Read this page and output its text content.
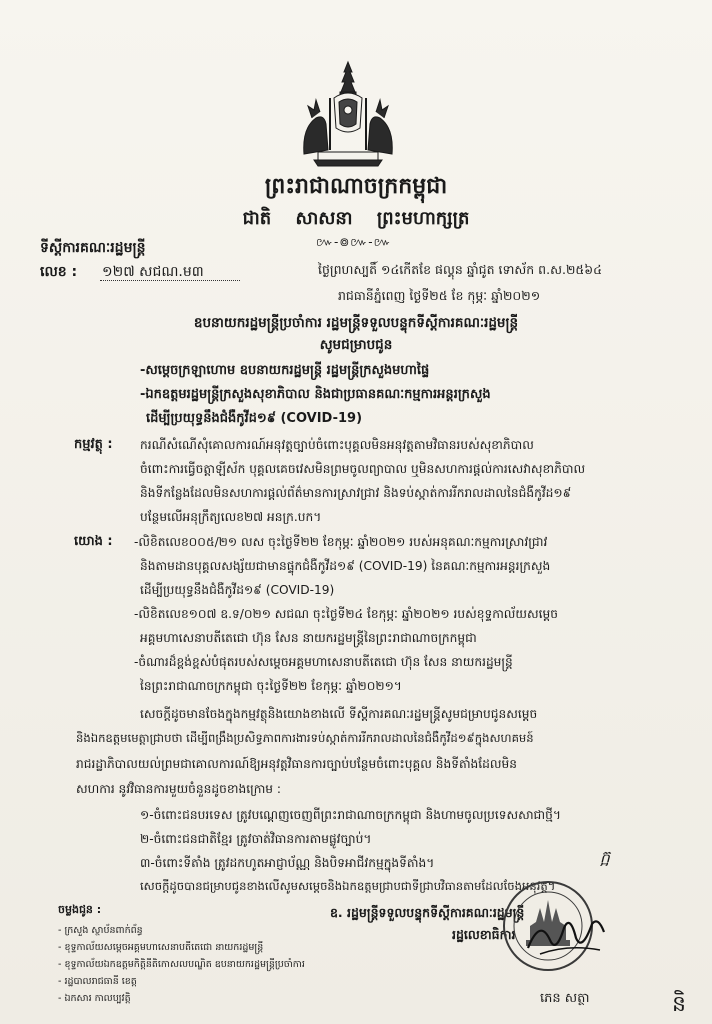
ព្រះរាជាណាចក្រកម្ពុជា
ជាតិ សាសនា ព្រះមហាក្សត្រ
៚-៙៚-៚
ទីស្តីការគណៈរដ្ឋមន្ត្រី
លេខ : ១២៧ សជណ.ម៣	ថ្ងៃព្រហស្បតិ៍ ១៤កើតខែ ផល្គុន ឆ្នាំជូត ទោស័ក ព.ស.២៥៦៤
រាជធានីភ្នំពេញ ថ្ងៃទី២៥ ខែ កុម្ភៈ ឆ្នាំ២០២១
ឧបនាយករដ្ឋមន្ត្រីប្រចាំការ រដ្ឋមន្ត្រីទទួលបន្ទុកទីស្តីការគណៈរដ្ឋមន្ត្រី
សូមជម្រាបជូន
-សម្តេចក្រឡាហោម ឧបនាយករដ្ឋមន្ត្រី រដ្ឋមន្ត្រីក្រសួងមហាផ្ទៃ
-ឯកឧត្តមរដ្ឋមន្ត្រីក្រសួងសុខាភិបាល និងជាប្រធានគណៈកម្មការអន្តរក្រសួង
ដើម្បីប្រយុទ្ធនឹងជំងឺកូវីដ១៩ (COVID-19)
កម្មវត្ថុ : ករណីសំណើសុំគោលការណ៍អនុវត្តច្បាប់ចំពោះបុគ្គលមិនអនុវត្តតាមវិធានរបស់សុខាភិបាល
ចំពោះការធ្វើចត្តាឡីស័ក បុគ្គលគេចវេសមិនព្រមចូលព្យាបាល ឬមិនសហការផ្តល់ការសេវាសុខាភិបាល
និងទីកន្លែងដែលមិនសហការផ្តល់ព័ត៌មានការស្រាវជ្រាវ និងទប់ស្កាត់ការរីករាលដាលនៃជំងឺកូវីដ១៩
បន្ថែមលើអនុក្រឹត្យលេខ២៧ អនក្រ.បក។
យោង : -លិខិតលេខ០០៥/២១ លស ចុះថ្ងៃទី២២ ខែកុម្ភៈ ឆ្នាំ២០២១ របស់អនុគណៈកម្មការស្រាវជ្រាវ
និងតាមដានបុគ្គលសង្ស័យជាមានផ្ទុកជំងឺកូវីដ១៩ (COVID-19) នៃគណៈកម្មការអន្តរក្រសួង
ដើម្បីប្រយុទ្ធនឹងជំងឺកូវីដ១៩ (COVID-19)
-លិខិតលេខ១០៧ ឧ.ទ/០២១ សជណ ចុះថ្ងៃទី២៤ ខែកុម្ភៈ ឆ្នាំ២០២១ របស់ខុទ្ទកាល័យសម្តេច
អគ្គមហាសេនាបតីតេជោ ហ៊ុន សែន នាយករដ្ឋមន្ត្រីនៃព្រះរាជាណាចក្រកម្ពុជា
-ចំណារដ៏ខ្ពង់ខ្ពស់បំផុតរបស់សម្តេចអគ្គមហាសេនាបតីតេជោ ហ៊ុន សែន នាយករដ្ឋមន្ត្រី
នៃព្រះរាជាណាចក្រកម្ពុជា ចុះថ្ងៃទី២២ ខែកុម្ភៈ ឆ្នាំ២០២១។
សេចក្តីដូចមានចែងក្នុងកម្មវត្ថុនិងយោងខាងលើ ទីស្តីការគណៈរដ្ឋមន្ត្រីសូមជម្រាបជូនសម្តេច
និងឯកឧត្តមមេត្តាជ្រាបថា ដើម្បីពង្រឹងប្រសិទ្ធភាពការងារទប់ស្កាត់ការរីករាលដាលនៃជំងឺកូវីដ១៩ក្នុងសហគមន៍
រាជរដ្ឋាភិបាលយល់ព្រមជាគោលការណ៍ឱ្យអនុវត្តវិធានការច្បាប់បន្ថែមចំពោះបុគ្គល និងទីតាំងដែលមិន
សហការ នូវវិធានការមួយចំនួនដូចខាងក្រោម :
១-ចំពោះជនបរទេស ត្រូវបណ្តេញចេញពីព្រះរាជាណាចក្រកម្ពុជា និងហាមចូលប្រទេសសាជាថ្មី។
២-ចំពោះជនជាតិខ្មែរ ត្រូវចាត់វិធានការតាមផ្លូវច្បាប់។
៣-ចំពោះទីតាំង ត្រូវដកហូតអាជ្ញាប័ណ្ណ និងបិទអាជីវកម្មក្នុងទីតាំង។
សេចក្តីដូចបានជម្រាបជូនខាងលើសូមសម្តេចនិងឯកឧត្តមជ្រាបជាទីជ្រាបវិធានតាមដែលចែងអនុវត្ត។
ក្អ
ឧ. រដ្ឋមន្ត្រីទទួលបន្ទុកទីស្តីការគណៈរដ្ឋមន្ត្រី
រដ្ឋលេខាធិការ
ភេន សត្ថា
ចម្លងជូន :
- ក្រសួង ស្ថាប័នពាក់ព័ន្ធ
- ខុទ្ទកាល័យសម្តេចអគ្គមហាសេនាបតីតេជោ នាយករដ្ឋមន្ត្រី
- ខុទ្ទកាល័យឯកឧត្តមកិត្តិនីតិកោសលបណ្ឌិត ឧបនាយករដ្ឋមន្ត្រីប្រចាំការ
- រដ្ឋបាលរាជធានី ខេត្ត
- ឯកសារ កាលប្បវត្តិ	និ
